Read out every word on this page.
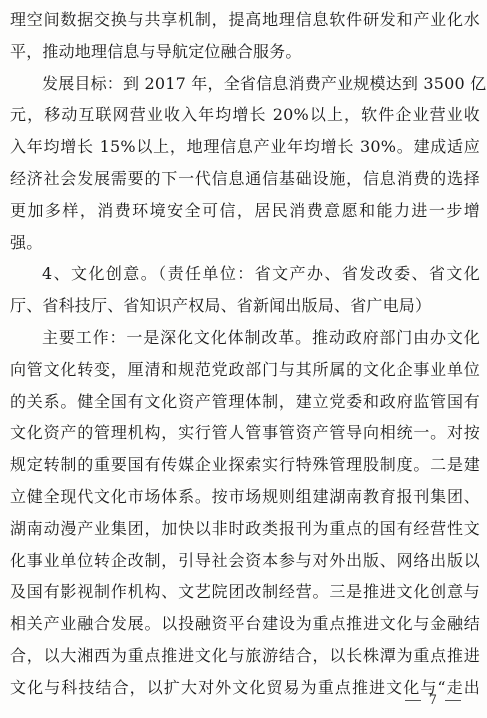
理空间数据交换与共享机制，提高地理信息软件研发和产业化水
平，推动地理信息与导航定位融合服务。
发展目标：到 2017 年，全省信息消费产业规模达到 3500 亿
元，移动互联网营业收入年均增长 20%以上，软件企业营业收
入年均增长 15%以上，地理信息产业年均增长 30%。建成适应
经济社会发展需要的下一代信息通信基础设施，信息消费的选择
更加多样，消费环境安全可信，居民消费意愿和能力进一步增
强。
4、文化创意。（责任单位：省文产办、省发改委、省文化
厅、省科技厅、省知识产权局、省新闻出版局、省广电局）
主要工作：一是深化文化体制改革。推动政府部门由办文化
向管文化转变，厘清和规范党政部门与其所属的文化企事业单位
的关系。健全国有文化资产管理体制，建立党委和政府监管国有
文化资产的管理机构，实行管人管事管资产管导向相统一。对按
规定转制的重要国有传媒企业探索实行特殊管理股制度。二是建
立健全现代文化市场体系。按市场规则组建湖南教育报刊集团、
湖南动漫产业集团，加快以非时政类报刊为重点的国有经营性文
化事业单位转企改制，引导社会资本参与对外出版、网络出版以
及国有影视制作机构、文艺院团改制经营。三是推进文化创意与
相关产业融合发展。以投融资平台建设为重点推进文化与金融结
合，以大湘西为重点推进文化与旅游结合，以长株潭为重点推进
文化与科技结合，以扩大对外文化贸易为重点推进文化与“走出
7
